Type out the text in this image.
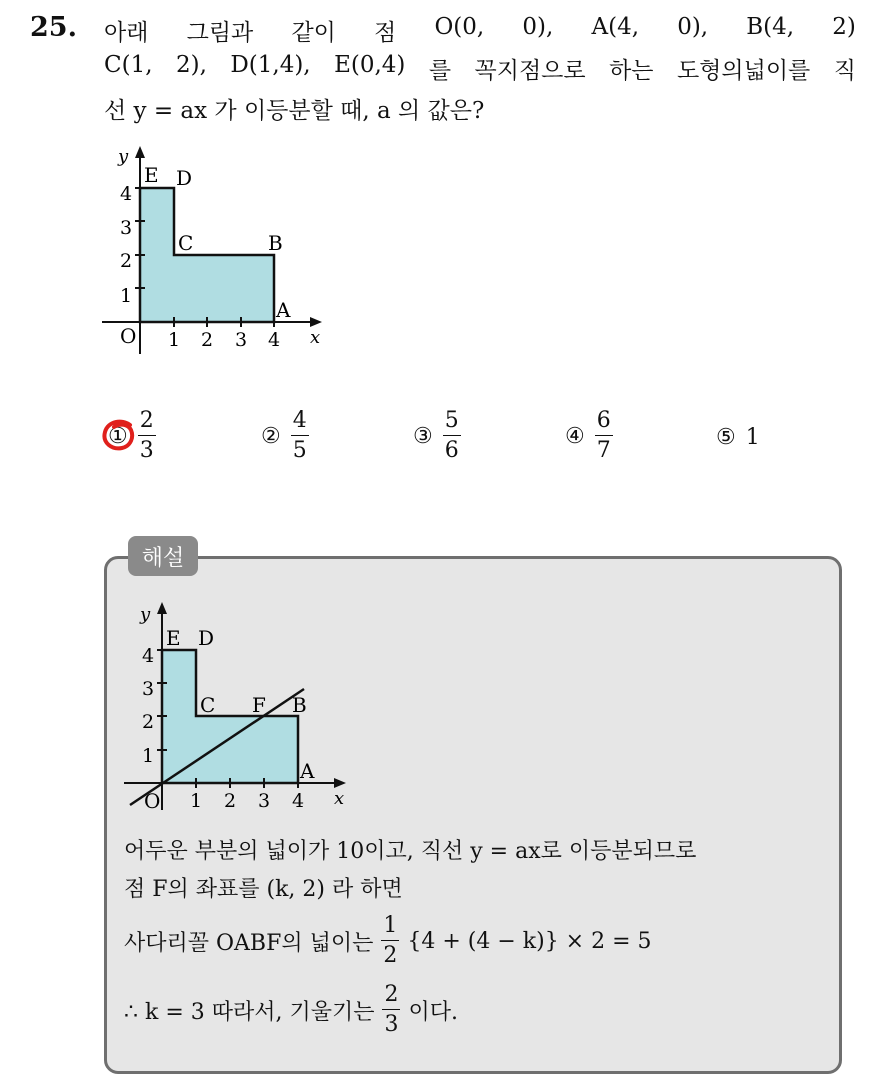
25. 아래 그림과 같이 점 O(0, 0), A(4, 0), B(4, 2)
C(1, 2), D(1,4), E(0,4) 를 꼭지점으로 하는 도형의넓이를 직
선 y = ax 가 이등분할 때, a 의 값은?
y
x
O 1 2 3 4
1
2
3
4
E D
C	B
A
① $\frac{2}{3}$	② $\frac{4}{5}$	③ $\frac{5}{6}$	④ $\frac{6}{7}$	⑤ 1
해설
y
x
O 1 2 3 4
1
2
3
4
E D
C F B
A
어두운 부분의 넓이가 10이고, 직선 y = ax로 이등분되므로
점 F의 좌표를 (k, 2) 라 하면
사다리꼴 OABF의 넓이는 $\frac{1}{2} \{4 + (4 - k)\} \times 2 = 5$
∴ k = 3 따라서, 기울기는 $\frac{2}{3}$ 이다.
